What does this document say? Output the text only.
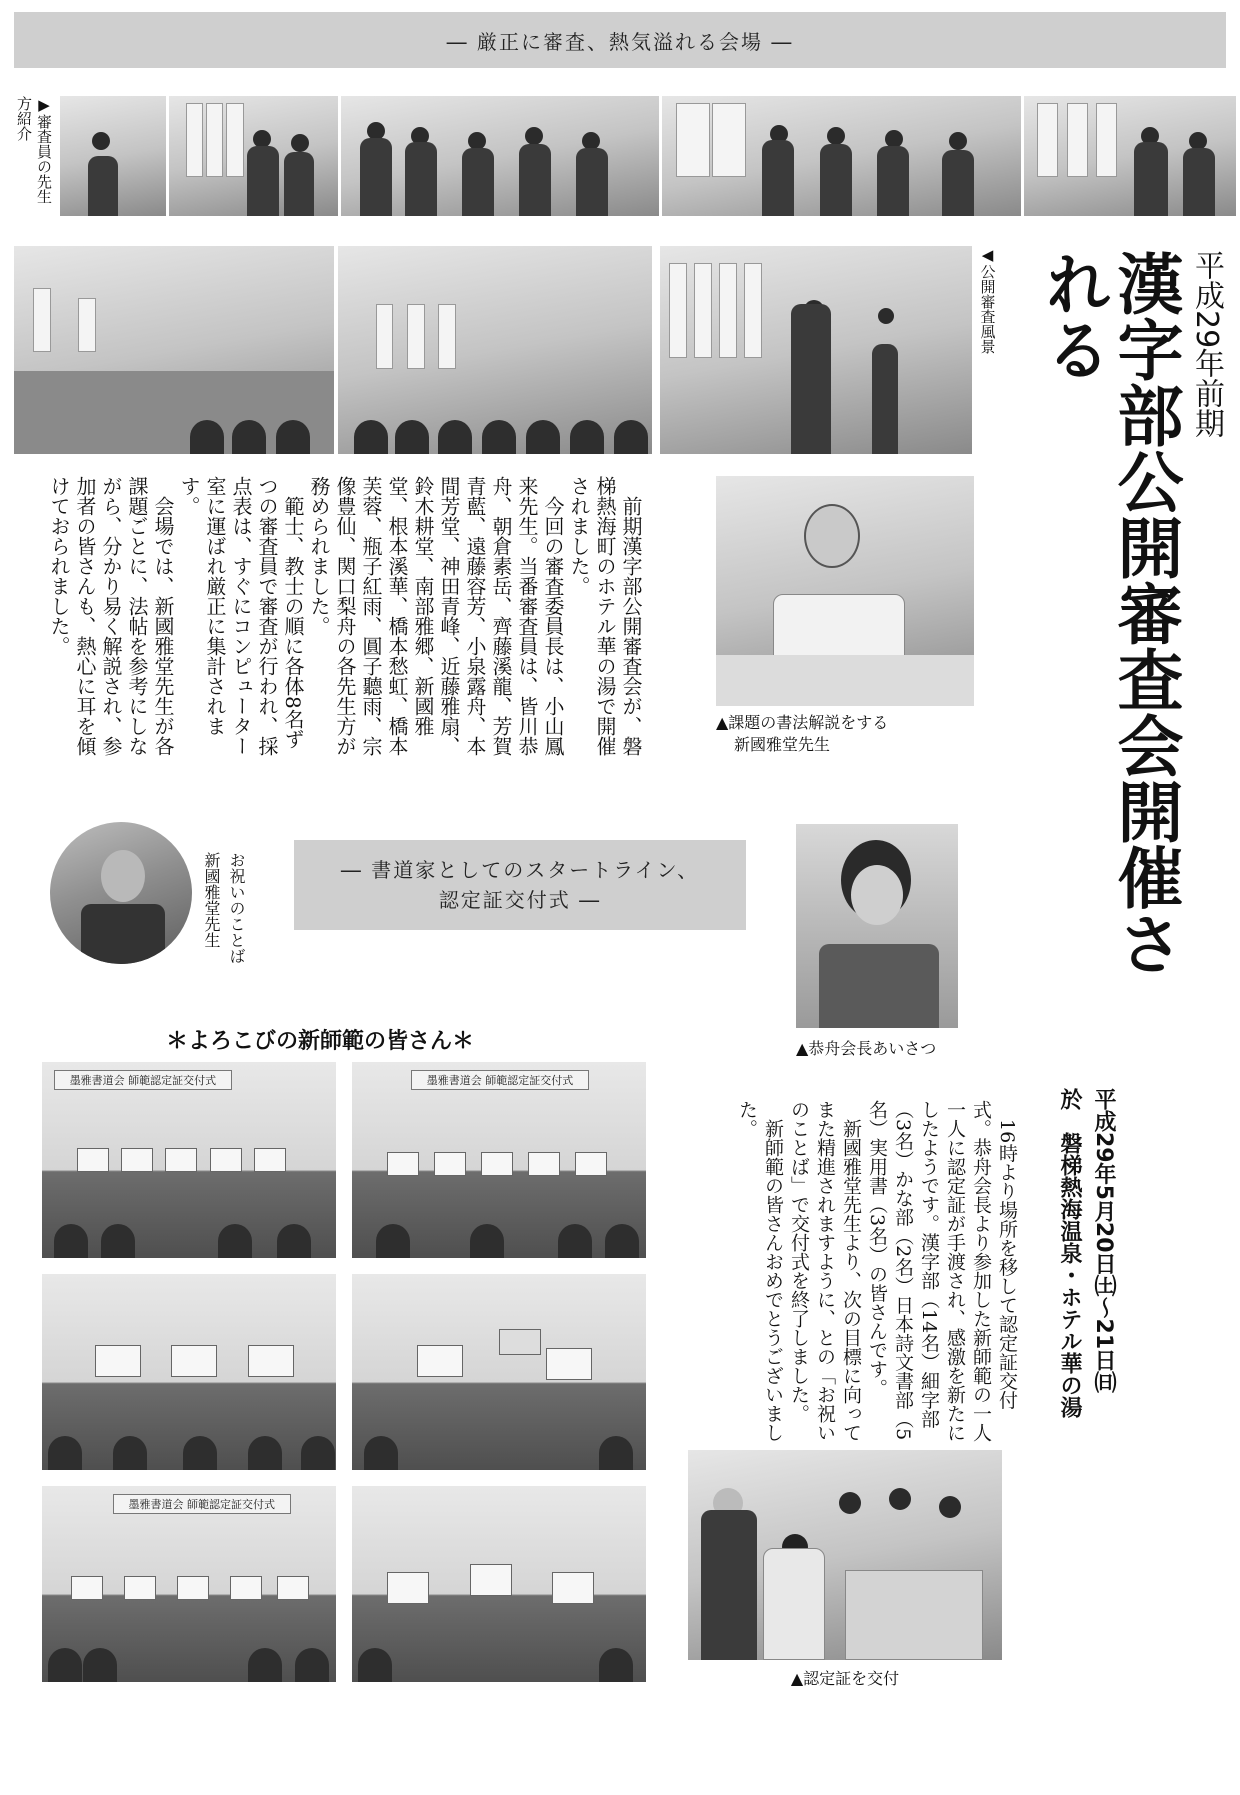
― 厳正に審査、熱気溢れる会場 ―
▶審査員の先生方紹介
◀公開審査風景	平成29年前期
漢字部公開審査会開催される
前期漢字部公開審査会が、磐梯熱海町のホテル華の湯で開催されました。
今回の審査委員長は、小山鳳来先生。当番審査員は、皆川恭舟、朝倉素岳、齊藤溪龍、芳賀青藍、遠藤容芳、小泉露舟、本間芳堂、神田青峰、近藤雅扇、鈴木耕堂、南部雅郷、新國雅堂、根本溪華、橋本愁虹、橋本芙蓉、瓶子紅雨、圓子聽雨、宗像豊仙、関口梨舟の各先生方が務められました。
範士、教士の順に各体8名ずつの審査員で審査が行われ、採点表は、すぐにコンピューター室に運ばれ厳正に集計されます。
会場では、新國雅堂先生が各課題ごとに、法帖を参考にしながら、分かり易く解説され、参加者の皆さんも、熱心に耳を傾けておられました。
▲課題の書法解説をする
新國雅堂先生
お祝いのことば
新國雅堂先生	― 書道家としてのスタートライン、
認定証交付式 ―
▲恭舟会長あいさつ
平成29年5月20日㈯～21日㈰
於　磐梯熱海温泉・ホテル華の湯
16時より場所を移して認定証交付式。恭舟会長より参加した新師範の一人一人に認定証が手渡され、感激を新たにしたようです。漢字部（14名）細字部（3名）かな部（2名）日本詩文書部（5名）実用書（3名）の皆さんです。
新國雅堂先生より、次の目標に向ってまた精進されますように、との「お祝いのことば」で交付式を終了しました。
新師範の皆さんおめでとうございました。
＊よろこびの新師範の皆さん＊
墨雅書道会 師範認定証交付式	墨雅書道会 師範認定証交付式
墨雅書道会 師範認定証交付式
▲認定証を交付
